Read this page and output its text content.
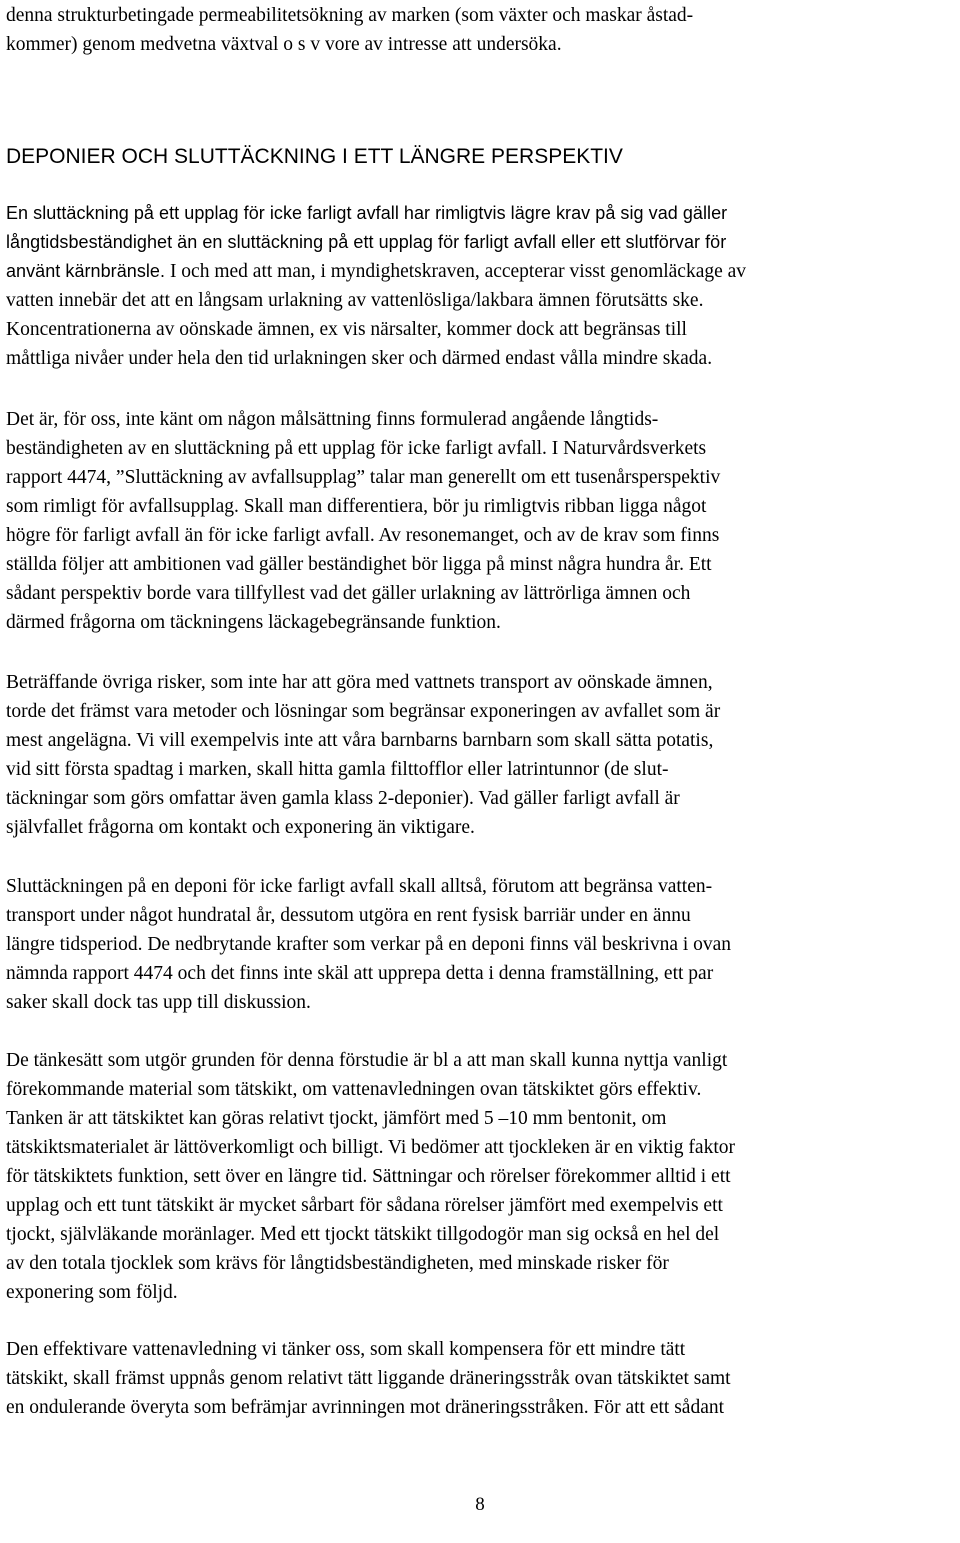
denna strukturbetingade permeabilitetsökning av marken (som växter och maskar åstad-
kommer) genom medvetna växtval o s v vore av intresse att undersöka.

DEPONIER OCH SLUTTÄCKNING I ETT LÄNGRE PERSPEKTIV

En sluttäckning på ett upplag för icke farligt avfall har rimligtvis lägre krav på sig vad gäller
långtidsbeständighet än en sluttäckning på ett upplag för farligt avfall eller ett slutförvar för
använt kärnbränsle. I och med att man, i myndighetskraven, accepterar visst genomläckage av
vatten innebär det att en långsam urlakning av vattenlösliga/lakbara ämnen förutsätts ske.
Koncentrationerna av oönskade ämnen, ex vis närsalter, kommer dock att begränsas till
måttliga nivåer under hela den tid urlakningen sker och därmed endast vålla mindre skada.

Det är, för oss, inte känt om någon målsättning finns formulerad angående långtids-
beständigheten av en sluttäckning på ett upplag för icke farligt avfall. I Naturvårdsverkets
rapport 4474, ”Sluttäckning av avfallsupplag” talar man generellt om ett tusenårsperspektiv
som rimligt för avfallsupplag. Skall man differentiera, bör ju rimligtvis ribban ligga något
högre för farligt avfall än för icke farligt avfall. Av resonemanget, och av de krav som finns
ställda följer att ambitionen vad gäller beständighet bör ligga på minst några hundra år. Ett
sådant perspektiv borde vara tillfyllest vad det gäller urlakning av lättrörliga ämnen och
därmed frågorna om täckningens läckagebegränsande funktion.

Beträffande övriga risker, som inte har att göra med vattnets transport av oönskade ämnen,
torde det främst vara metoder och lösningar som begränsar exponeringen av avfallet som är
mest angelägna. Vi vill exempelvis inte att våra barnbarns barnbarn som skall sätta potatis,
vid sitt första spadtag i marken, skall hitta gamla filttofflor eller latrintunnor (de slut-
täckningar som görs omfattar även gamla klass 2-deponier). Vad gäller farligt avfall är
självfallet frågorna om kontakt och exponering än viktigare.

Sluttäckningen på en deponi för icke farligt avfall skall alltså, förutom att begränsa vatten-
transport under något hundratal år, dessutom utgöra en rent fysisk barriär under en ännu
längre tidsperiod. De nedbrytande krafter som verkar på en deponi finns väl beskrivna i ovan
nämnda rapport 4474 och det finns inte skäl att upprepa detta i denna framställning, ett par
saker skall dock tas upp till diskussion.

De tänkesätt som utgör grunden för denna förstudie är bl a att man skall kunna nyttja vanligt
förekommande material som tätskikt, om vattenavledningen ovan tätskiktet görs effektiv.
Tanken är att tätskiktet kan göras relativt tjockt, jämfört med 5 –10 mm bentonit, om
tätskiktsmaterialet är lättöverkomligt och billigt. Vi bedömer att tjockleken är en viktig faktor
för tätskiktets funktion, sett över en längre tid. Sättningar och rörelser förekommer alltid i ett
upplag och ett tunt tätskikt är mycket sårbart för sådana rörelser jämfört med exempelvis ett
tjockt, självläkande moränlager. Med ett tjockt tätskikt tillgodogör man sig också en hel del
av den totala tjocklek som krävs för långtidsbeständigheten, med minskade risker för
exponering som följd.

Den effektivare vattenavledning vi tänker oss, som skall kompensera för ett mindre tätt
tätskikt, skall främst uppnås genom relativt tätt liggande dräneringsstråk ovan tätskiktet samt
en ondulerande överyta som befrämjar avrinningen mot dräneringsstråken. För att ett sådant

8
